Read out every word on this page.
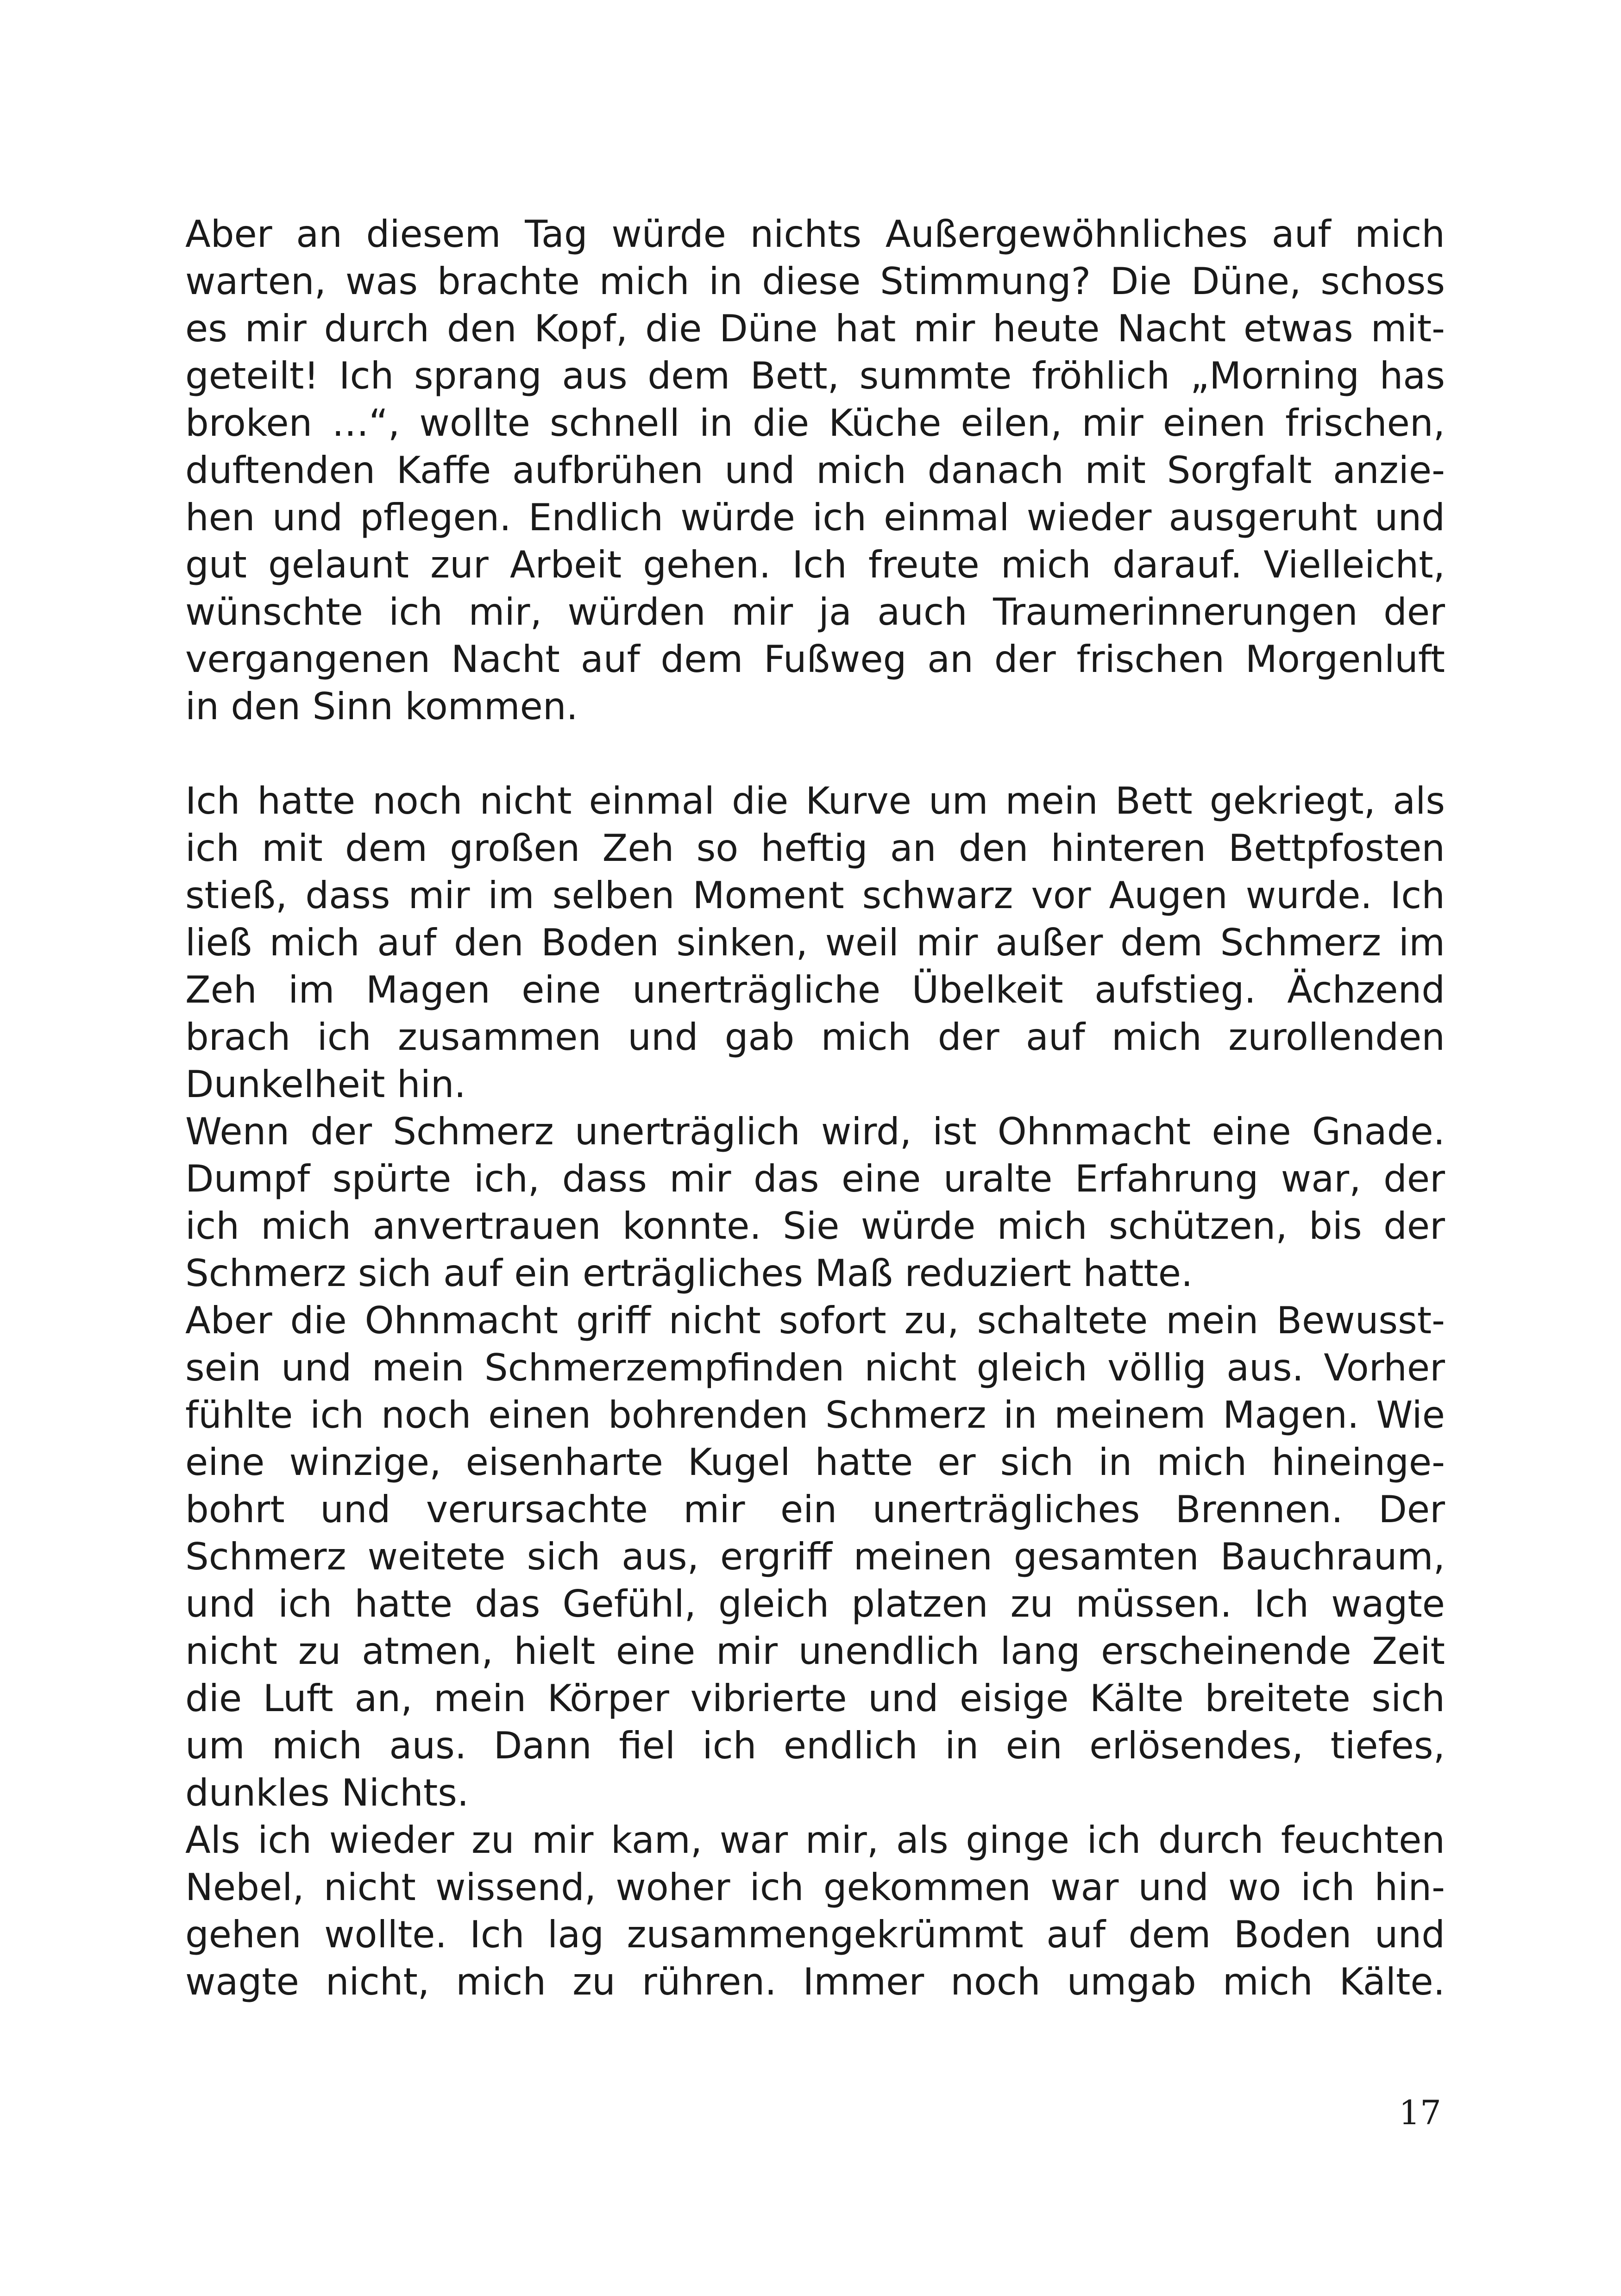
Aber an diesem Tag würde nichts Außergewöhnliches auf mich
warten, was brachte mich in diese Stimmung? Die Düne, schoss
es mir durch den Kopf, die Düne hat mir heute Nacht etwas mit-
geteilt! Ich sprang aus dem Bett, summte fröhlich „Morning has
broken …“, wollte schnell in die Küche eilen, mir einen frischen,
duftenden Kaffe aufbrühen und mich danach mit Sorgfalt anzie-
hen und pflegen. Endlich würde ich einmal wieder ausgeruht und
gut gelaunt zur Arbeit gehen. Ich freute mich darauf. Vielleicht,
wünschte ich mir, würden mir ja auch Traumerinnerungen der
vergangenen Nacht auf dem Fußweg an der frischen Morgenluft
in den Sinn kommen.
Ich hatte noch nicht einmal die Kurve um mein Bett gekriegt, als
ich mit dem großen Zeh so heftig an den hinteren Bettpfosten
stieß, dass mir im selben Moment schwarz vor Augen wurde. Ich
ließ mich auf den Boden sinken, weil mir außer dem Schmerz im
Zeh im Magen eine unerträgliche Übelkeit aufstieg. Ächzend
brach ich zusammen und gab mich der auf mich zurollenden
Dunkelheit hin.
Wenn der Schmerz unerträglich wird, ist Ohnmacht eine Gnade.
Dumpf spürte ich, dass mir das eine uralte Erfahrung war, der
ich mich anvertrauen konnte. Sie würde mich schützen, bis der
Schmerz sich auf ein erträgliches Maß reduziert hatte.
Aber die Ohnmacht griff nicht sofort zu, schaltete mein Bewusst-
sein und mein Schmerzempfinden nicht gleich völlig aus. Vorher
fühlte ich noch einen bohrenden Schmerz in meinem Magen. Wie
eine winzige, eisenharte Kugel hatte er sich in mich hineinge-
bohrt und verursachte mir ein unerträgliches Brennen. Der
Schmerz weitete sich aus, ergriff meinen gesamten Bauchraum,
und ich hatte das Gefühl, gleich platzen zu müssen. Ich wagte
nicht zu atmen, hielt eine mir unendlich lang erscheinende Zeit
die Luft an, mein Körper vibrierte und eisige Kälte breitete sich
um mich aus. Dann fiel ich endlich in ein erlösendes, tiefes,
dunkles Nichts.
Als ich wieder zu mir kam, war mir, als ginge ich durch feuchten
Nebel, nicht wissend, woher ich gekommen war und wo ich hin-
gehen wollte. Ich lag zusammengekrümmt auf dem Boden und
wagte nicht, mich zu rühren. Immer noch umgab mich Kälte.
17
